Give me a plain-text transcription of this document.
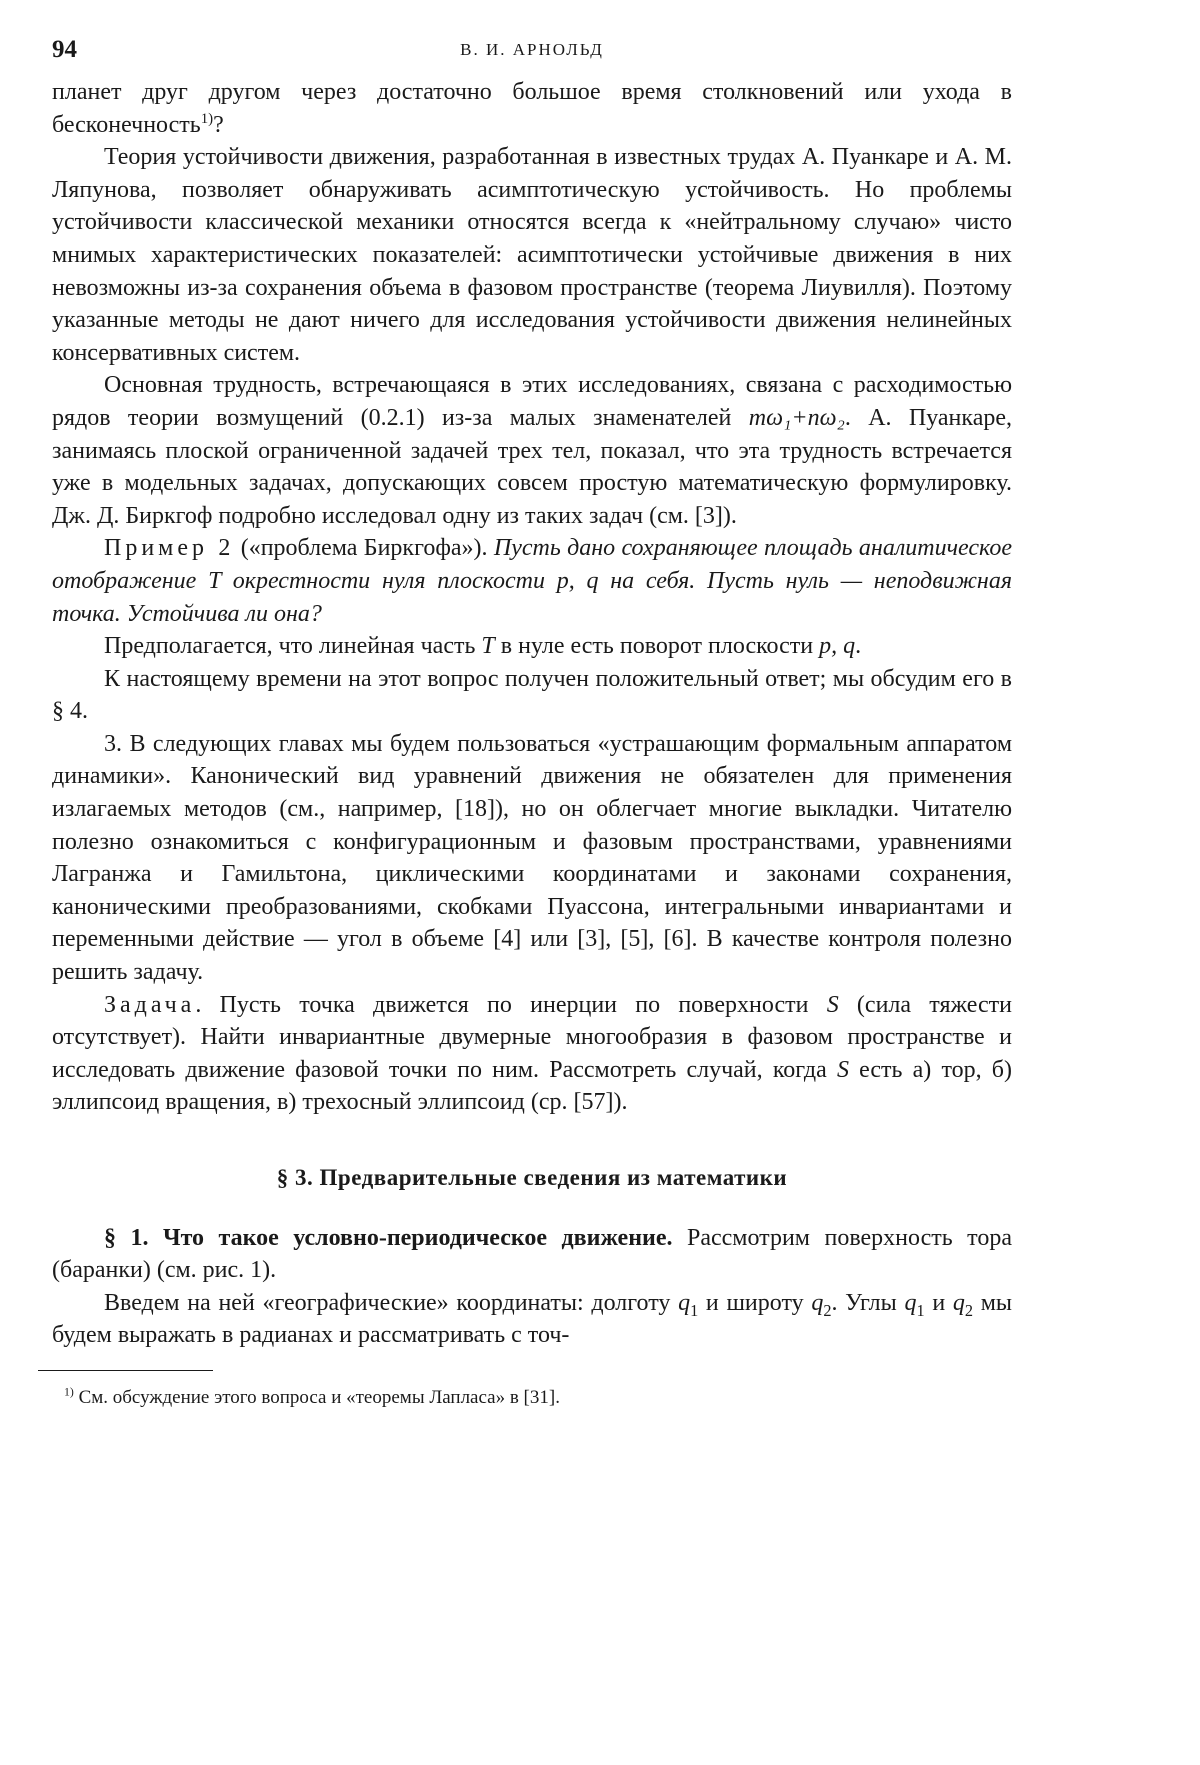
94	В. И. АРНОЛЬД

планет друг другом через достаточно большое время столкновений или ухода в бесконечность$^{1)}$?

Теория устойчивости движения, разработанная в известных трудах А. Пуанкаре и А. М. Ляпунова, позволяет обнаруживать асимптотическую устойчивость. Но проблемы устойчивости классической механики относятся всегда к «нейтральному случаю» чисто мнимых характеристических показателей: асимптотически устойчивые движения в них невозможны из-за сохранения объема в фазовом пространстве (теорема Лиувилля). Поэтому указанные методы не дают ничего для исследования устойчивости движения нелинейных консервативных систем.

Основная трудность, встречающаяся в этих исследованиях, связана с расходимостью рядов теории возмущений (0.2.1) из-за малых знаменателей mω₁+nω₂. А. Пуанкаре, занимаясь плоской ограниченной задачей трех тел, показал, что эта трудность встречается уже в модельных задачах, допускающих совсем простую математическую формулировку. Дж. Д. Биркгоф подробно исследовал одну из таких задач (см. [3]).

Пример 2 («проблема Биркгофа»). Пусть дано сохраняющее площадь аналитическое отображение T окрестности нуля плоскости p, q на себя. Пусть нуль — неподвижная точка. Устойчива ли она?

Предполагается, что линейная часть T в нуле есть поворот плоскости p, q.

К настоящему времени на этот вопрос получен положительный ответ; мы обсудим его в § 4.

3. В следующих главах мы будем пользоваться «устрашающим формальным аппаратом динамики». Канонический вид уравнений движения не обязателен для применения излагаемых методов (см., например, [18]), но он облегчает многие выкладки. Читателю полезно ознакомиться с конфигурационным и фазовым пространствами, уравнениями Лагранжа и Гамильтона, циклическими координатами и законами сохранения, каноническими преобразованиями, скобками Пуассона, интегральными инвариантами и переменными действие — угол в объеме [4] или [3], [5], [6]. В качестве контроля полезно решить задачу.

Задача. Пусть точка движется по инерции по поверхности S (сила тяжести отсутствует). Найти инвариантные двумерные многообразия в фазовом пространстве и исследовать движение фазовой точки по ним. Рассмотреть случай, когда S есть а) тор, б) эллипсоид вращения, в) трехосный эллипсоид (ср. [57]).

§ 3. Предварительные сведения из математики

§ 1. Что такое условно-периодическое движение. Рассмотрим поверхность тора (баранки) (см. рис. 1).

Введем на ней «географические» координаты: долготу $q_1$ и широту $q_2$. Углы $q_1$ и $q_2$ мы будем выражать в радианах и рассматривать с точ-

$^{1)}$ См. обсуждение этого вопроса и «теоремы Лапласа» в [31].
